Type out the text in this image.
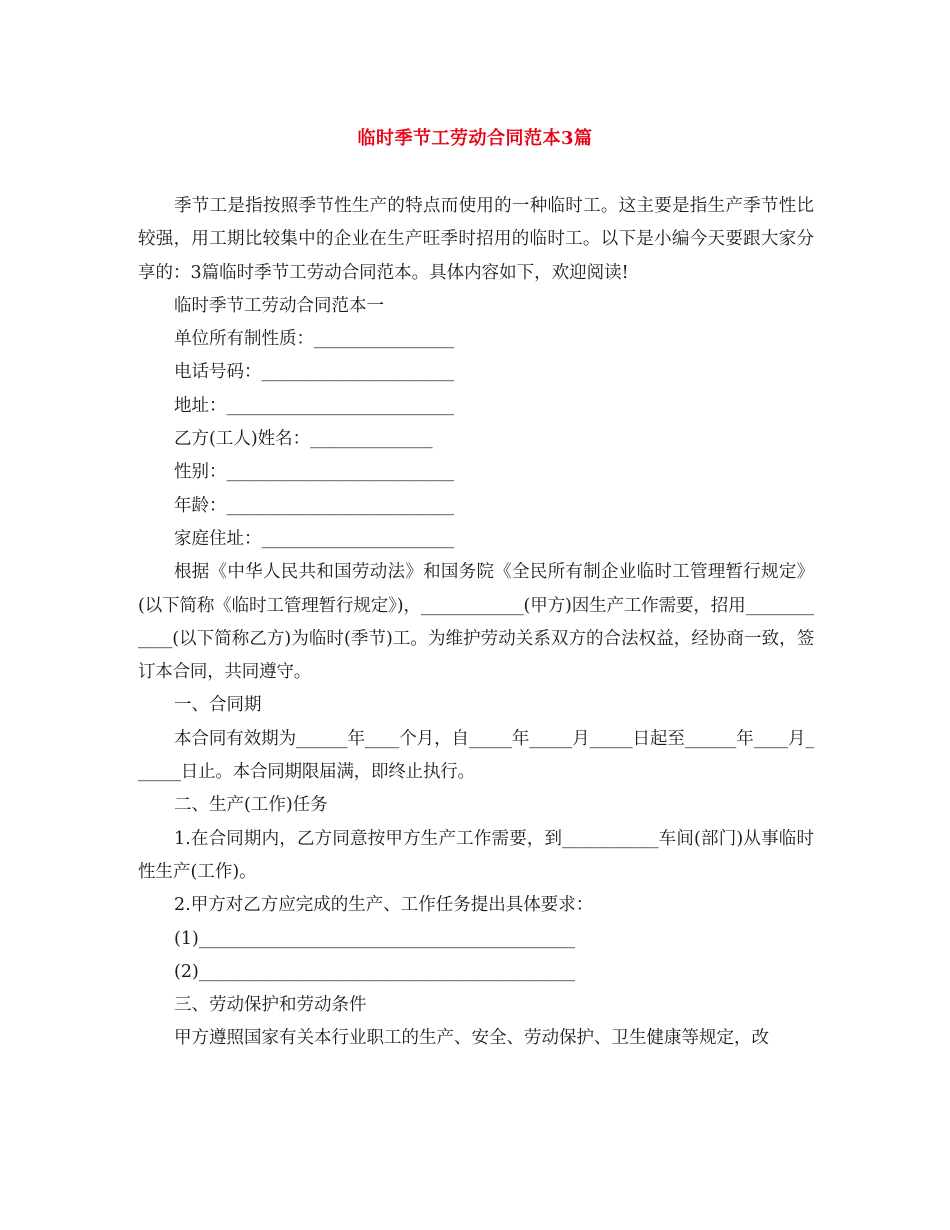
临时季节工劳动合同范本3篇

季节工是指按照季节性生产的特点而使用的一种临时工。这主要是指生产季节性比较强，用工期比较集中的企业在生产旺季时招用的临时工。以下是小编今天要跟大家分享的：3篇临时季节工劳动合同范本。具体内容如下，欢迎阅读!

临时季节工劳动合同范本一

单位所有制性质：________________

电话号码：______________________

地址：__________________________

乙方(工人)姓名：______________

性别：__________________________

年龄：__________________________

家庭住址：______________________

根据《中华人民共和国劳动法》和国务院《全民所有制企业临时工管理暂行规定》(以下简称《临时工管理暂行规定》)，____________(甲方)因生产工作需要，招用____________(以下简称乙方)为临时(季节)工。为维护劳动关系双方的合法权益，经协商一致，签订本合同，共同遵守。

一、合同期

本合同有效期为______年____个月，自_____年_____月_____日起至______年____月______日止。本合同期限届满，即终止执行。

二、生产(工作)任务

1.在合同期内，乙方同意按甲方生产工作需要，到___________车间(部门)从事临时性生产(工作)。

2.甲方对乙方应完成的生产、工作任务提出具体要求：

(1)___________________________________________

(2)___________________________________________

三、劳动保护和劳动条件

甲方遵照国家有关本行业职工的生产、安全、劳动保护、卫生健康等规定，改
